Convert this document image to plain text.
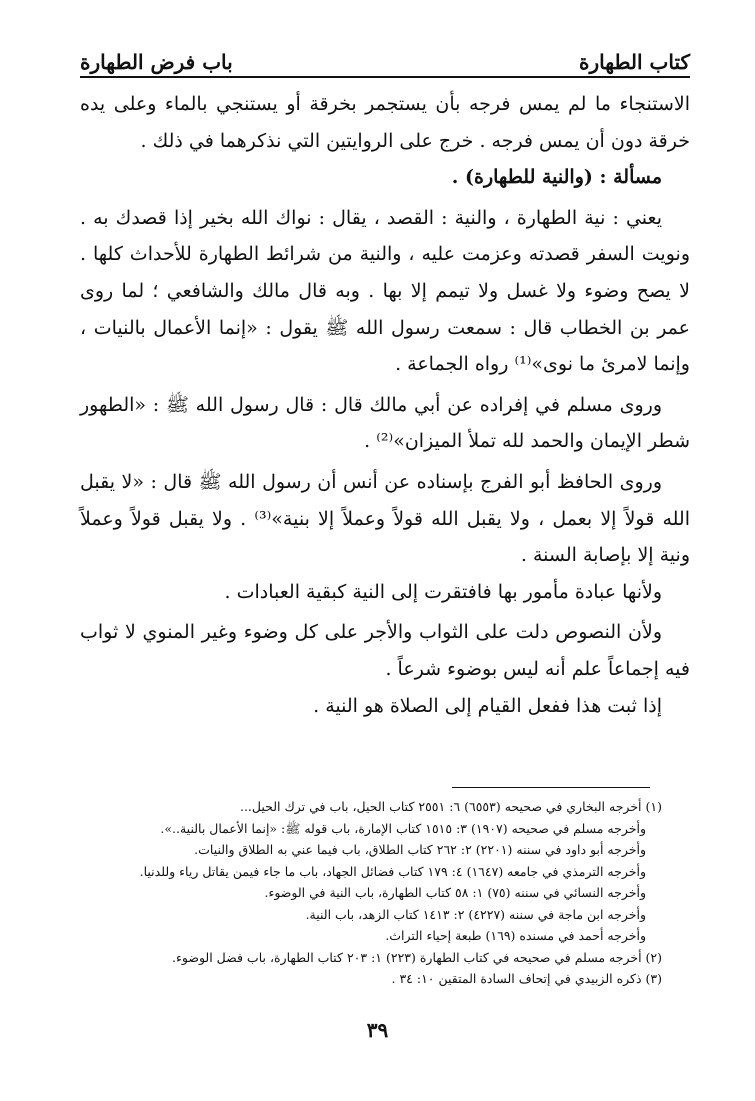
كتاب الطهارة
باب فرض الطهارة

الاستنجاء ما لم يمس فرجه بأن يستجمر بخرقة أو يستنجي بالماء وعلى يده خرقة دون أن يمس فرجه . خرج على الروايتين التي نذكرهما في ذلك .

مسألة : (والنية للطهارة) .

يعني : نية الطهارة ، والنية : القصد ، يقال : نواك الله بخير إذا قصدك به . ونويت السفر قصدته وعزمت عليه ، والنية من شرائط الطهارة للأحداث كلها . لا يصح وضوء ولا غسل ولا تيمم إلا بها . وبه قال مالك والشافعي ؛ لما روى عمر بن الخطاب قال : سمعت رسول الله ﷺ يقول : «إنما الأعمال بالنيات ، وإنما لامرئ ما نوى»⁽¹⁾ رواه الجماعة .

وروى مسلم في إفراده عن أبي مالك قال : قال رسول الله ﷺ : «الطهور شطر الإيمان والحمد لله تملأ الميزان»⁽²⁾ .

وروى الحافظ أبو الفرج بإسناده عن أنس أن رسول الله ﷺ قال : «لا يقبل الله قولاً إلا بعمل ، ولا يقبل الله قولاً وعملاً إلا بنية»⁽³⁾ . ولا يقبل قولاً وعملاً ونية إلا بإصابة السنة .

ولأنها عبادة مأمور بها فافتقرت إلى النية كبقية العبادات .

ولأن النصوص دلت على الثواب والأجر على كل وضوء وغير المنوي لا ثواب فيه إجماعاً علم أنه ليس بوضوء شرعاً .

إذا ثبت هذا ففعل القيام إلى الصلاة هو النية .

(١) أخرجه البخاري في صحيحه (٦٥٥٣) ٦: ٢٥٥١ كتاب الحيل، باب في ترك الحيل...
وأخرجه مسلم في صحيحه (١٩٠٧) ٣: ١٥١٥ كتاب الإمارة، باب قوله ﷺ: «إنما الأعمال بالنية..».
وأخرجه أبو داود في سننه (٢٢٠١) ٢: ٢٦٢ كتاب الطلاق، باب فيما عني به الطلاق والنيات.
وأخرجه الترمذي في جامعه (١٦٤٧) ٤: ١٧٩ كتاب فضائل الجهاد، باب ما جاء فيمن يقاتل رياء وللدنيا.
وأخرجه النسائي في سننه (٧٥) ١: ٥٨ كتاب الطهارة، باب النية في الوضوء.
وأخرجه ابن ماجة في سننه (٤٢٢٧) ٢: ١٤١٣ كتاب الزهد، باب النية.
وأخرجه أحمد في مسنده (١٦٩) طبعة إحياء التراث.
(٢) أخرجه مسلم في صحيحه في كتاب الطهارة (٢٢٣) ١: ٢٠٣ كتاب الطهارة، باب فضل الوضوء.
(٣) ذكره الزبيدي في إتحاف السادة المتقين ١٠: ٣٤ .
٣٩
